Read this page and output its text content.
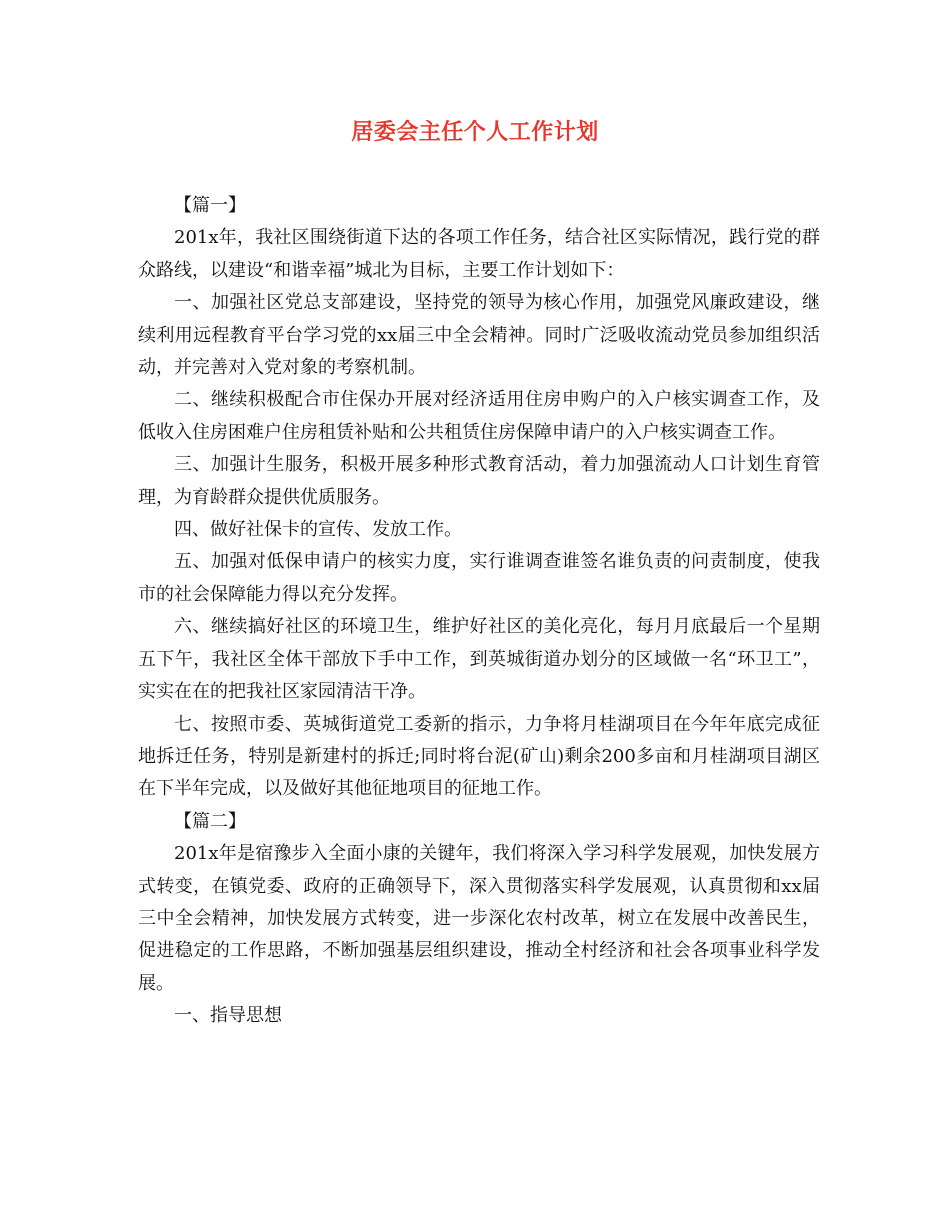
居委会主任个人工作计划

【篇一】

201x年，我社区围绕街道下达的各项工作任务，结合社区实际情况，践行党的群众路线，以建设“和谐幸福”城北为目标，主要工作计划如下：

一、加强社区党总支部建设，坚持党的领导为核心作用，加强党风廉政建设，继续利用远程教育平台学习党的xx届三中全会精神。同时广泛吸收流动党员参加组织活动，并完善对入党对象的考察机制。

二、继续积极配合市住保办开展对经济适用住房申购户的入户核实调查工作，及低收入住房困难户住房租赁补贴和公共租赁住房保障申请户的入户核实调查工作。

三、加强计生服务，积极开展多种形式教育活动，着力加强流动人口计划生育管理，为育龄群众提供优质服务。

四、做好社保卡的宣传、发放工作。

五、加强对低保申请户的核实力度，实行谁调查谁签名谁负责的问责制度，使我市的社会保障能力得以充分发挥。

六、继续搞好社区的环境卫生，维护好社区的美化亮化，每月月底最后一个星期五下午，我社区全体干部放下手中工作，到英城街道办划分的区域做一名“环卫工”，实实在在的把我社区家园清洁干净。

七、按照市委、英城街道党工委新的指示，力争将月桂湖项目在今年年底完成征地拆迁任务，特别是新建村的拆迁;同时将台泥(矿山)剩余200多亩和月桂湖项目湖区在下半年完成，以及做好其他征地项目的征地工作。

【篇二】

201x年是宿豫步入全面小康的关键年，我们将深入学习科学发展观，加快发展方式转变，在镇党委、政府的正确领导下，深入贯彻落实科学发展观，认真贯彻和xx届三中全会精神，加快发展方式转变，进一步深化农村改革，树立在发展中改善民生，促进稳定的工作思路，不断加强基层组织建设，推动全村经济和社会各项事业科学发展。

一、指导思想
